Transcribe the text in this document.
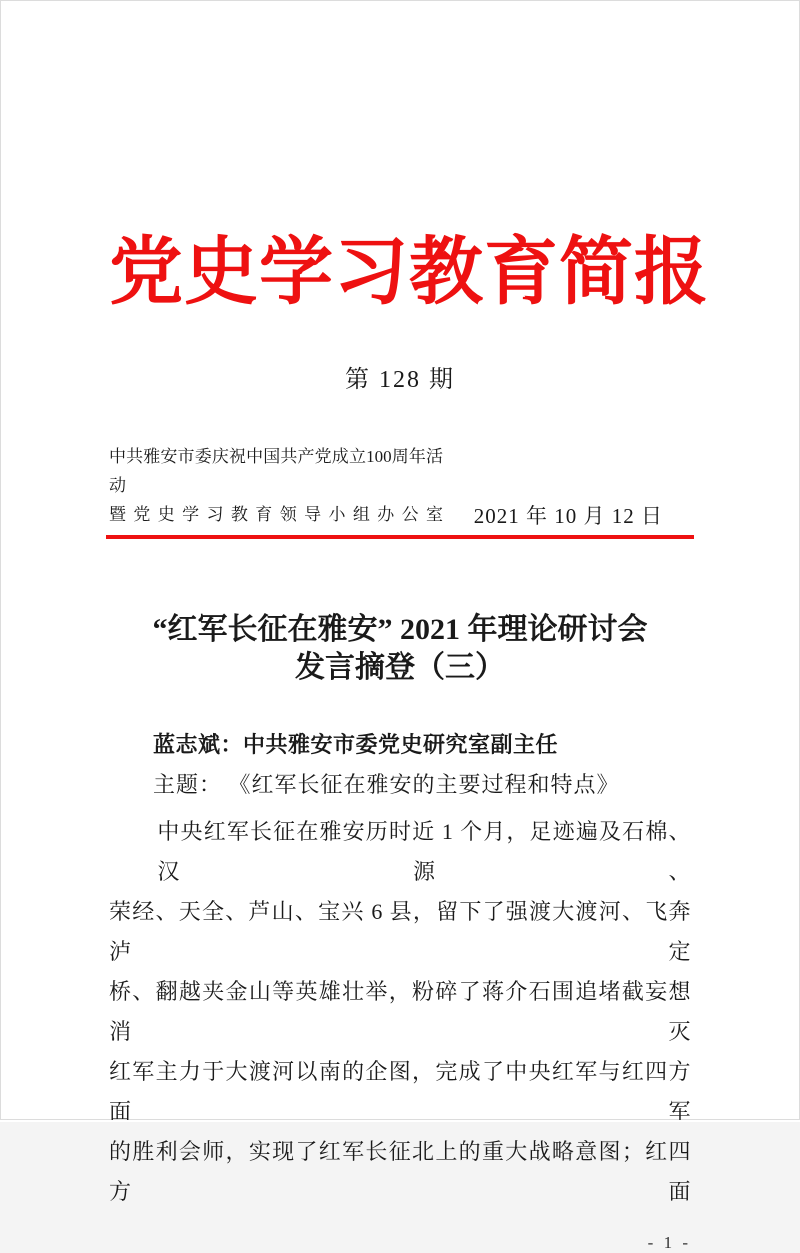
党史学习教育简报
第 128 期
中共雅安市委庆祝中国共产党成立100周年活动
暨党史学习教育领导小组办公室 2021 年 10 月 12 日
“红军长征在雅安” 2021 年理论研讨会
发言摘登（三）
蓝志斌：中共雅安市委党史研究室副主任
主题： 《红军长征在雅安的主要过程和特点》
中央红军长征在雅安历时近 1 个月，足迹遍及石棉、汉源、
荣经、天全、芦山、宝兴 6 县，留下了强渡大渡河、飞奔泸定
桥、翻越夹金山等英雄壮举，粉碎了蒋介石围追堵截妄想消灭
红军主力于大渡河以南的企图，完成了中央红军与红四方面军
的胜利会师，实现了红军长征北上的重大战略意图；红四方面
- 1 -
